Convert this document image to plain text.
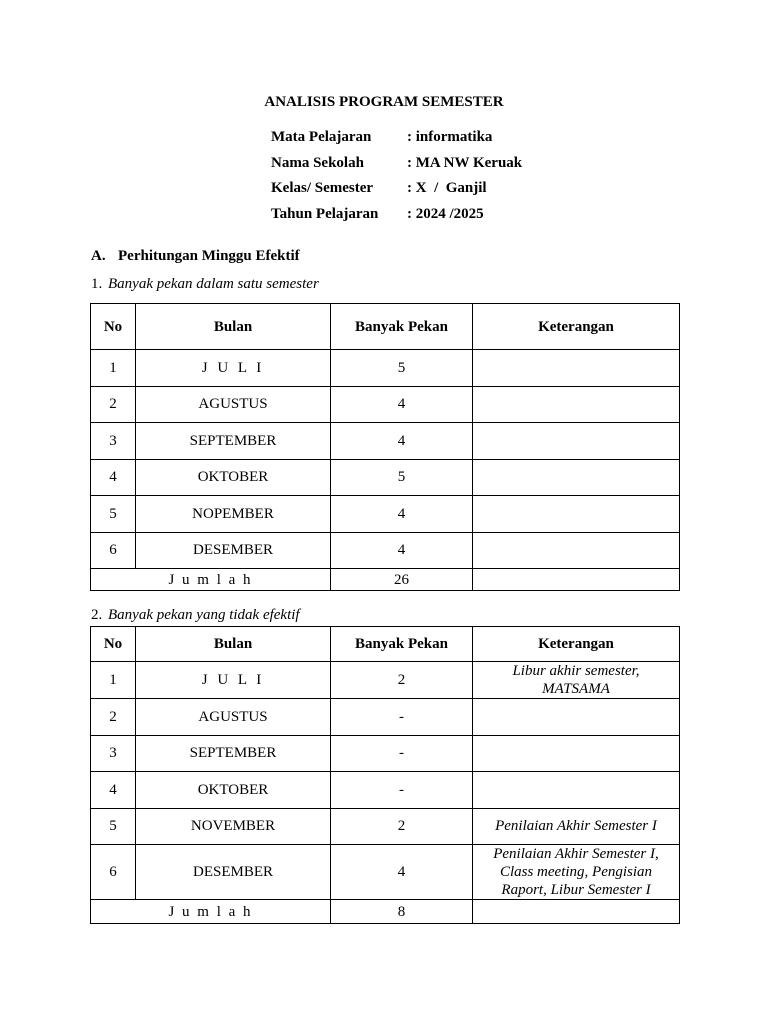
ANALISIS PROGRAM SEMESTER
Mata Pelajaran : informatika
Nama Sekolah	: MA NW Keruak
Kelas/ Semester : X  /  Ganjil
Tahun Pelajaran : 2024 /2025
A. Perhitungan Minggu Efektif
1. Banyak pekan dalam satu semester
No	Bulan	Banyak Pekan	Keterangan
1	J U L I	5	
2	AGUSTUS	4	
3	SEPTEMBER	4	
4	OKTOBER	5	
5	NOPEMBER	4	
6	DESEMBER	4	
J u m l a h		26	
2. Banyak pekan yang tidak efektif
No	Bulan	Banyak Pekan	Keterangan
1	J U L I	2	Libur akhir semester, MATSAMA
2	AGUSTUS	-	
3	SEPTEMBER	-	
4	OKTOBER	-	
5	NOVEMBER	2	Penilaian Akhir Semester I
6	DESEMBER	4	Penilaian Akhir Semester I, Class meeting, Pengisian Raport, Libur Semester I
J u m l a h		8	
